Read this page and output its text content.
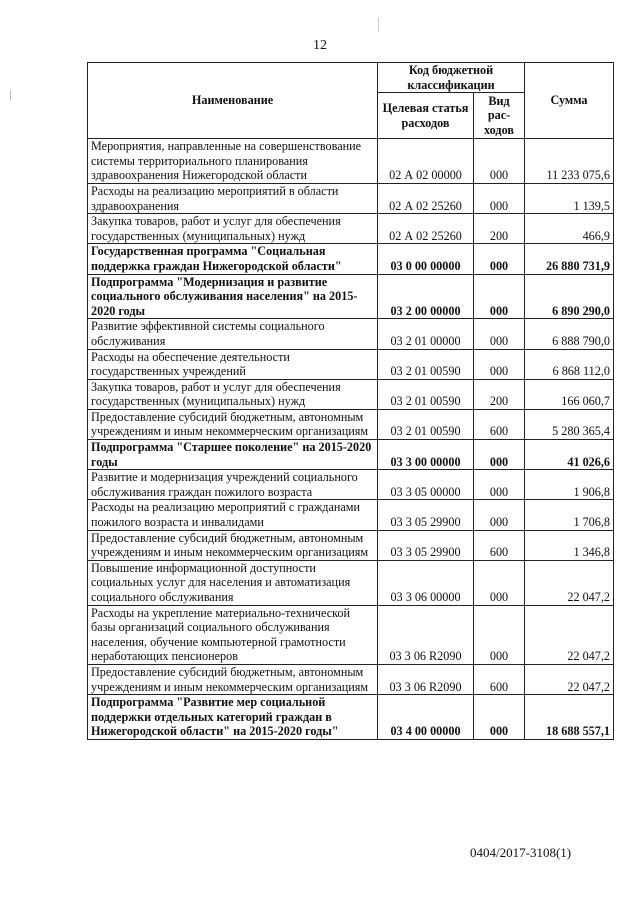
12
Наименование	Код бюджетной классификации		Сумма
	Целевая статья расходов	Вид рас-ходов	
Мероприятия, направленные на совершенствование системы территориального планирования здравоохранения Нижегородской области	02 А 02 00000	000	11 233 075,6
Расходы на реализацию мероприятий в области здравоохранения	02 А 02 25260	000	1 139,5
Закупка товаров, работ и услуг для обеспечения государственных (муниципальных) нужд	02 А 02 25260	200	466,9
Государственная программа "Социальная поддержка граждан Нижегородской области"	03 0 00 00000	000	26 880 731,9
Подпрограмма "Модернизация и развитие социального обслуживания населения" на 2015-2020 годы	03 2 00 00000	000	6 890 290,0
Развитие эффективной системы социального обслуживания	03 2 01 00000	000	6 888 790,0
Расходы на обеспечение деятельности государственных учреждений	03 2 01 00590	000	6 868 112,0
Закупка товаров, работ и услуг для обеспечения государственных (муниципальных) нужд	03 2 01 00590	200	166 060,7
Предоставление субсидий бюджетным, автономным учреждениям и иным некоммерческим организациям	03 2 01 00590	600	5 280 365,4
Подпрограмма "Старшее поколение" на 2015-2020 годы	03 3 00 00000	000	41 026,6
Развитие и модернизация учреждений социального обслуживания граждан пожилого возраста	03 3 05 00000	000	1 906,8
Расходы на реализацию мероприятий с гражданами пожилого возраста и инвалидами	03 3 05 29900	000	1 706,8
Предоставление субсидий бюджетным, автономным учреждениям и иным некоммерческим организациям	03 3 05 29900	600	1 346,8
Повышение информационной доступности социальных услуг для населения и автоматизация социального обслуживания	03 3 06 00000	000	22 047,2
Расходы на укрепление материально-технической базы организаций социального обслуживания населения, обучение компьютерной грамотности неработающих пенсионеров	03 3 06 R2090	000	22 047,2
Предоставление субсидий бюджетным, автономным учреждениям и иным некоммерческим организациям	03 3 06 R2090	600	22 047,2
Подпрограмма "Развитие мер социальной поддержки отдельных категорий граждан в Нижегородской области" на 2015-2020 годы"	03 4 00 00000	000	18 688 557,1
0404/2017-3108(1)
